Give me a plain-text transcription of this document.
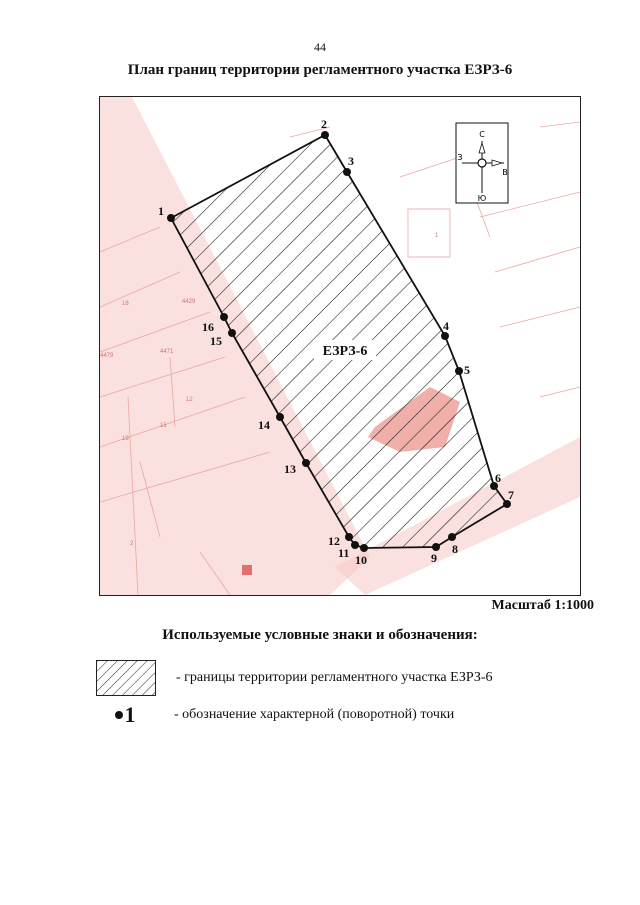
44
План границ территории регламентного участка ЕЗРЗ-6
1
2
18
19
12
15
4429
4479
4471	ЕЗРЗ-6
1
2
3
4
5
6
7
8
9
10
11
12
13
14
15
16
С
Ю
В
З
Масштаб 1:1000
Используемые условные знаки и обозначения:
- границы территории регламентного участка ЕЗРЗ-6
1	- обозначение характерной (поворотной) точки
